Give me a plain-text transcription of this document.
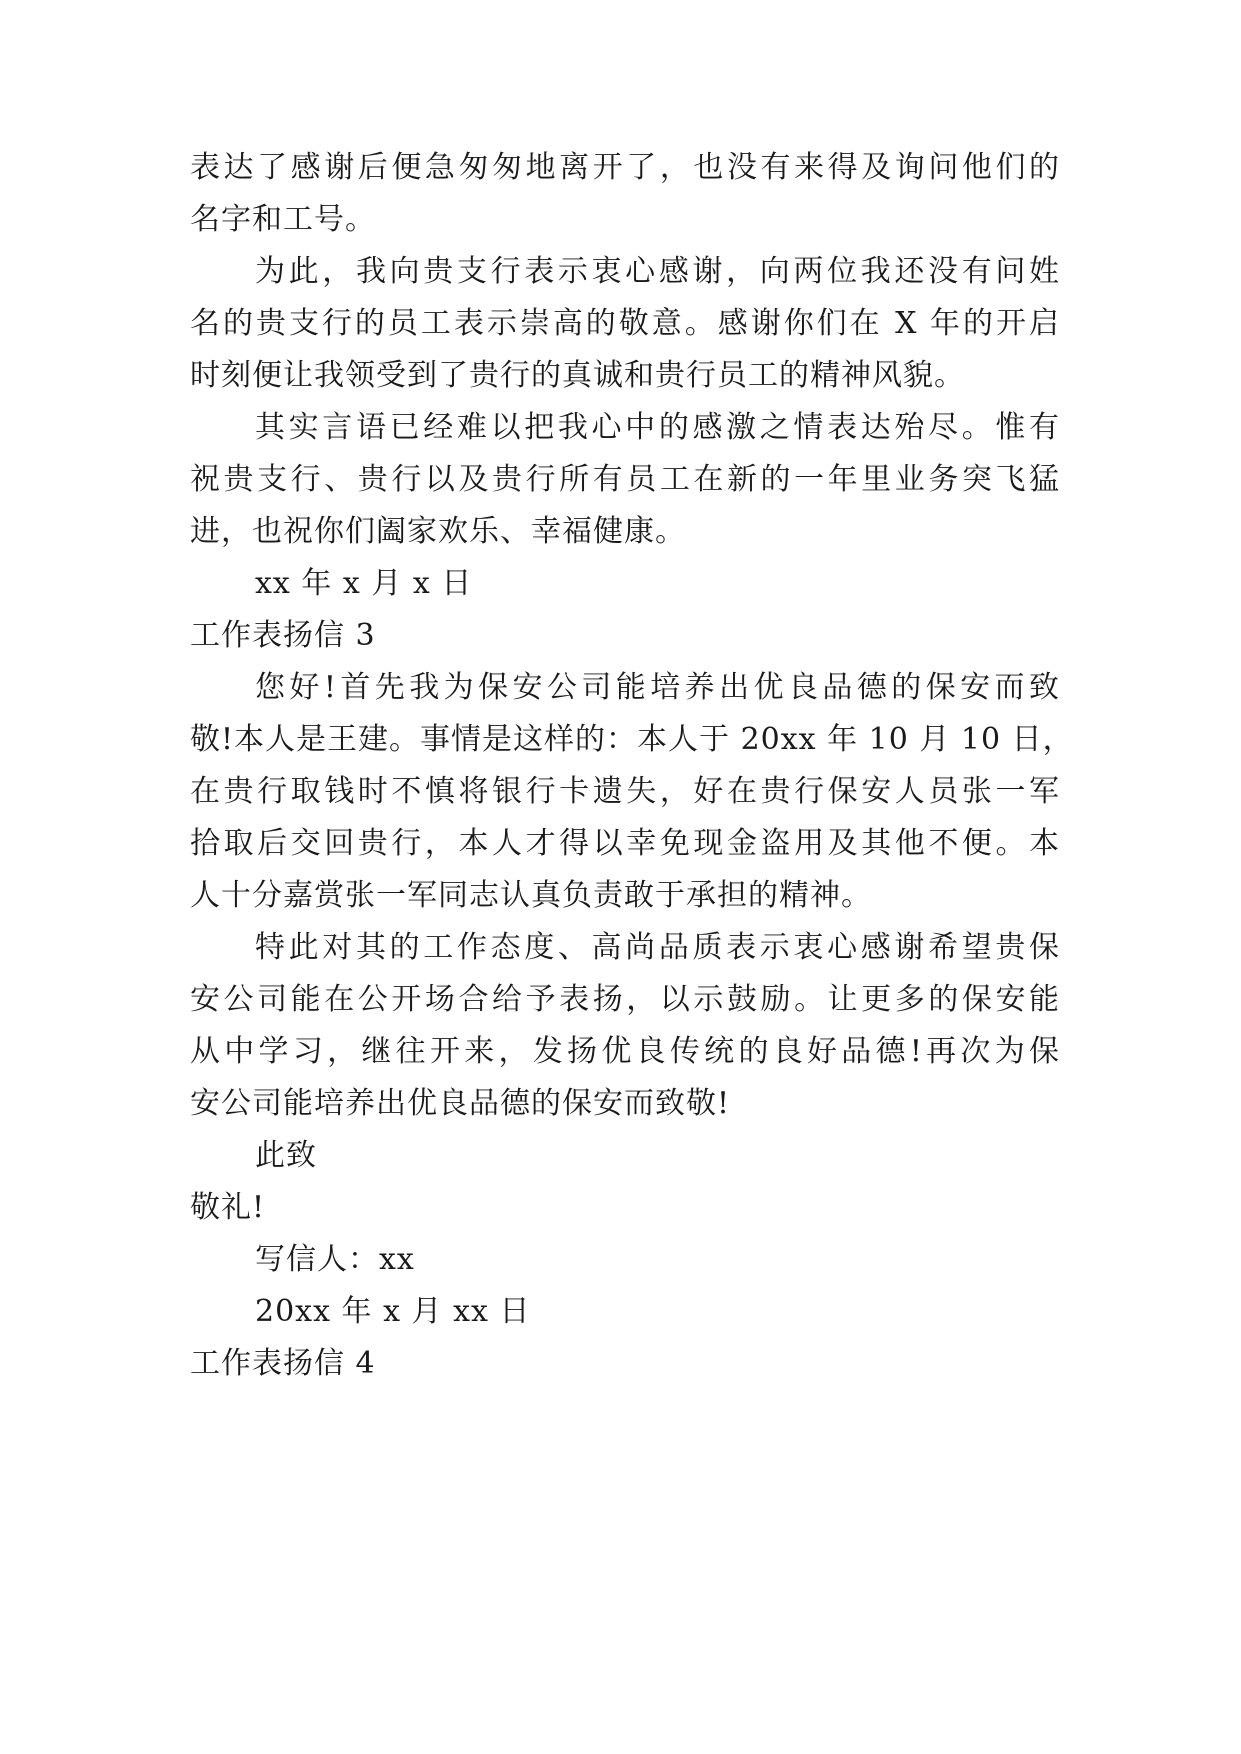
表达了感谢后便急匆匆地离开了，也没有来得及询问他们的
名字和工号。
为此，我向贵支行表示衷心感谢，向两位我还没有问姓
名的贵支行的员工表示崇高的敬意。感谢你们在 X 年的开启
时刻便让我领受到了贵行的真诚和贵行员工的精神风貌。
其实言语已经难以把我心中的感激之情表达殆尽。惟有
祝贵支行、贵行以及贵行所有员工在新的一年里业务突飞猛
进，也祝你们阖家欢乐、幸福健康。
xx 年 x 月 x 日
工作表扬信 3
您好!首先我为保安公司能培养出优良品德的保安而致
敬!本人是王建。事情是这样的：本人于 20xx 年 10 月 10 日，
在贵行取钱时不慎将银行卡遗失，好在贵行保安人员张一军
拾取后交回贵行，本人才得以幸免现金盗用及其他不便。本
人十分嘉赏张一军同志认真负责敢于承担的精神。
特此对其的工作态度、高尚品质表示衷心感谢希望贵保
安公司能在公开场合给予表扬，以示鼓励。让更多的保安能
从中学习，继往开来，发扬优良传统的良好品德!再次为保
安公司能培养出优良品德的保安而致敬!
此致
敬礼!
写信人：xx
20xx 年 x 月 xx 日
工作表扬信 4
